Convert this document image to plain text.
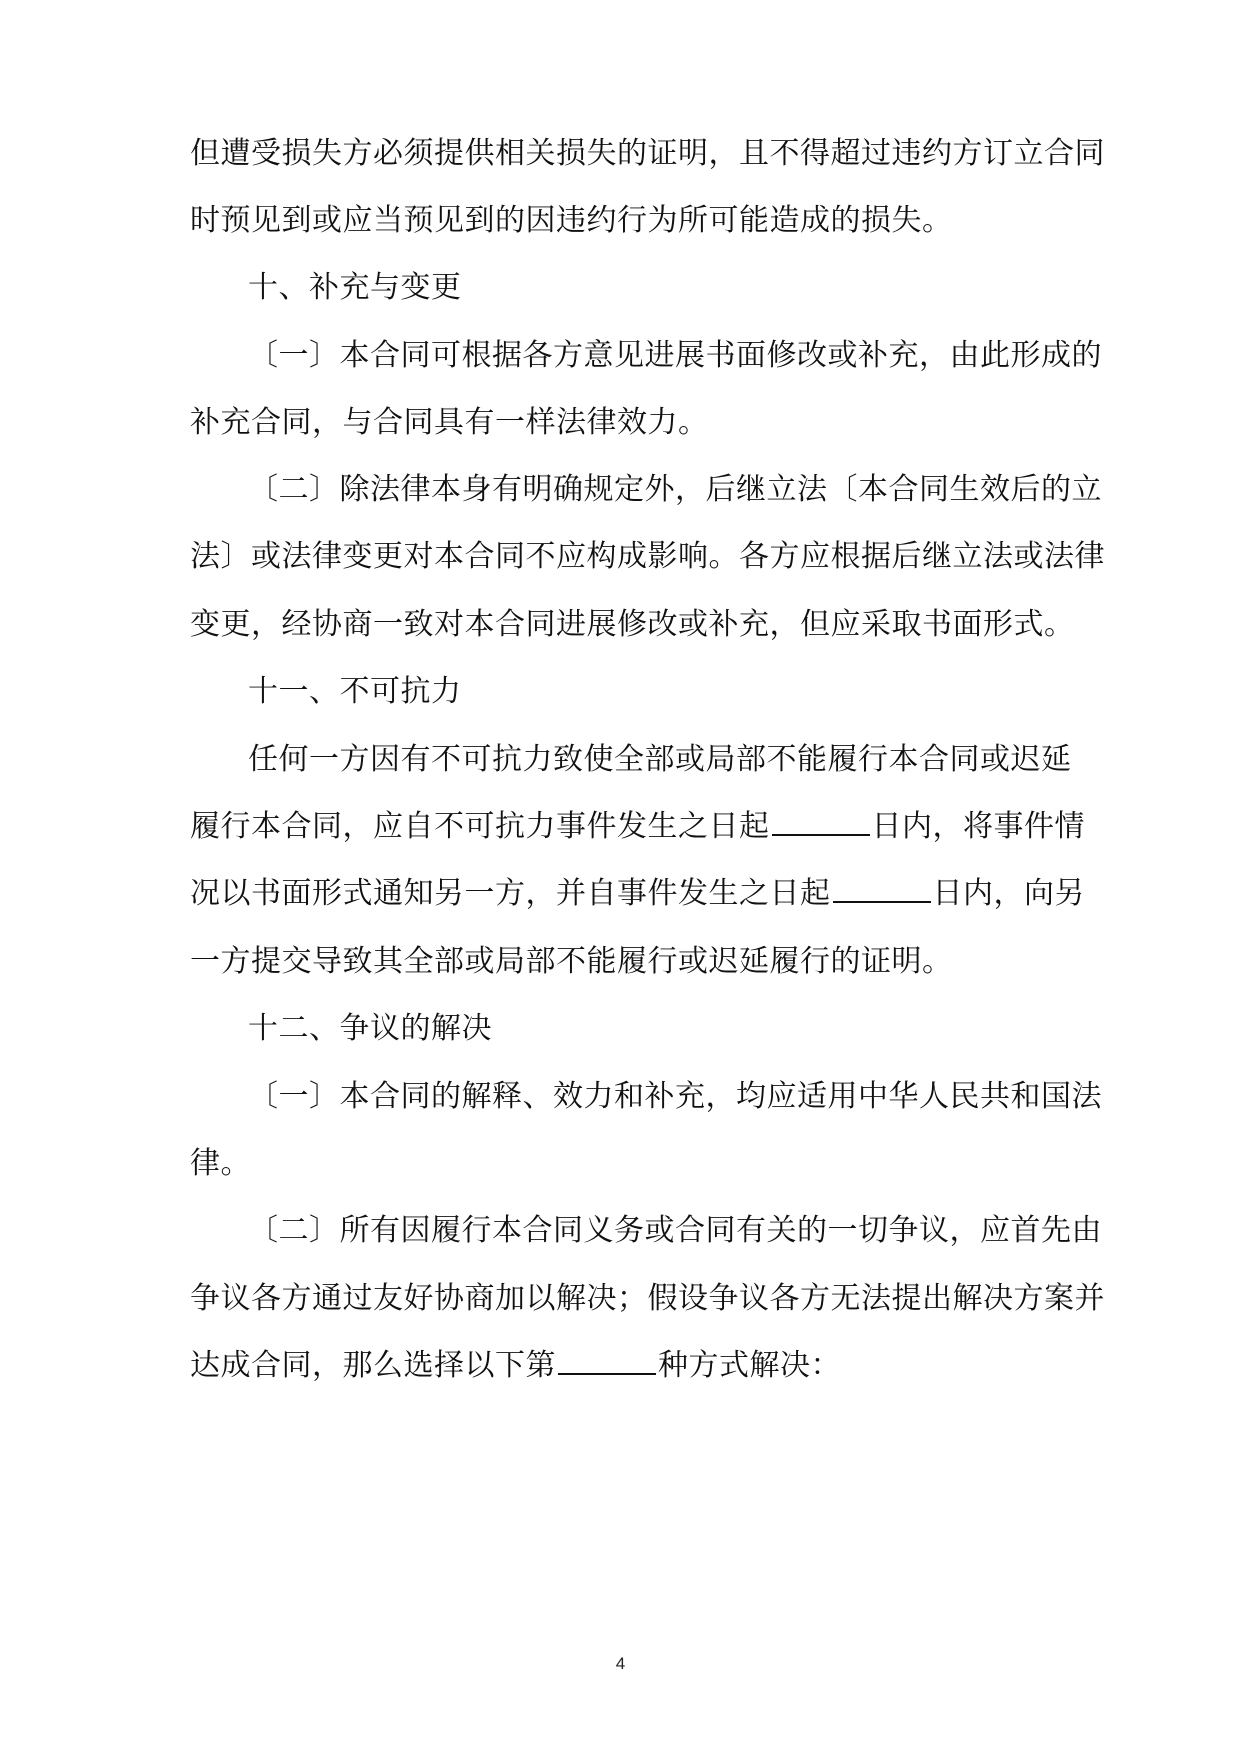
但遭受损失方必须提供相关损失的证明，且不得超过违约方订立合同
时预见到或应当预见到的因违约行为所可能造成的损失。
十、补充与变更
〔一〕本合同可根据各方意见进展书面修改或补充，由此形成的
补充合同，与合同具有一样法律效力。
〔二〕除法律本身有明确规定外，后继立法〔本合同生效后的立
法〕或法律变更对本合同不应构成影响。各方应根据后继立法或法律
变更，经协商一致对本合同进展修改或补充，但应采取书面形式。
十一、不可抗力
任何一方因有不可抗力致使全部或局部不能履行本合同或迟延
履行本合同，应自不可抗力事件发生之日起	日内，将事件情
况以书面形式通知另一方，并自事件发生之日起	日内，向另
一方提交导致其全部或局部不能履行或迟延履行的证明。
十二、争议的解决
〔一〕本合同的解释、效力和补充，均应适用中华人民共和国法
律。
〔二〕所有因履行本合同义务或合同有关的一切争议，应首先由
争议各方通过友好协商加以解决；假设争议各方无法提出解决方案并
达成合同，那么选择以下第	种方式解决：
4
